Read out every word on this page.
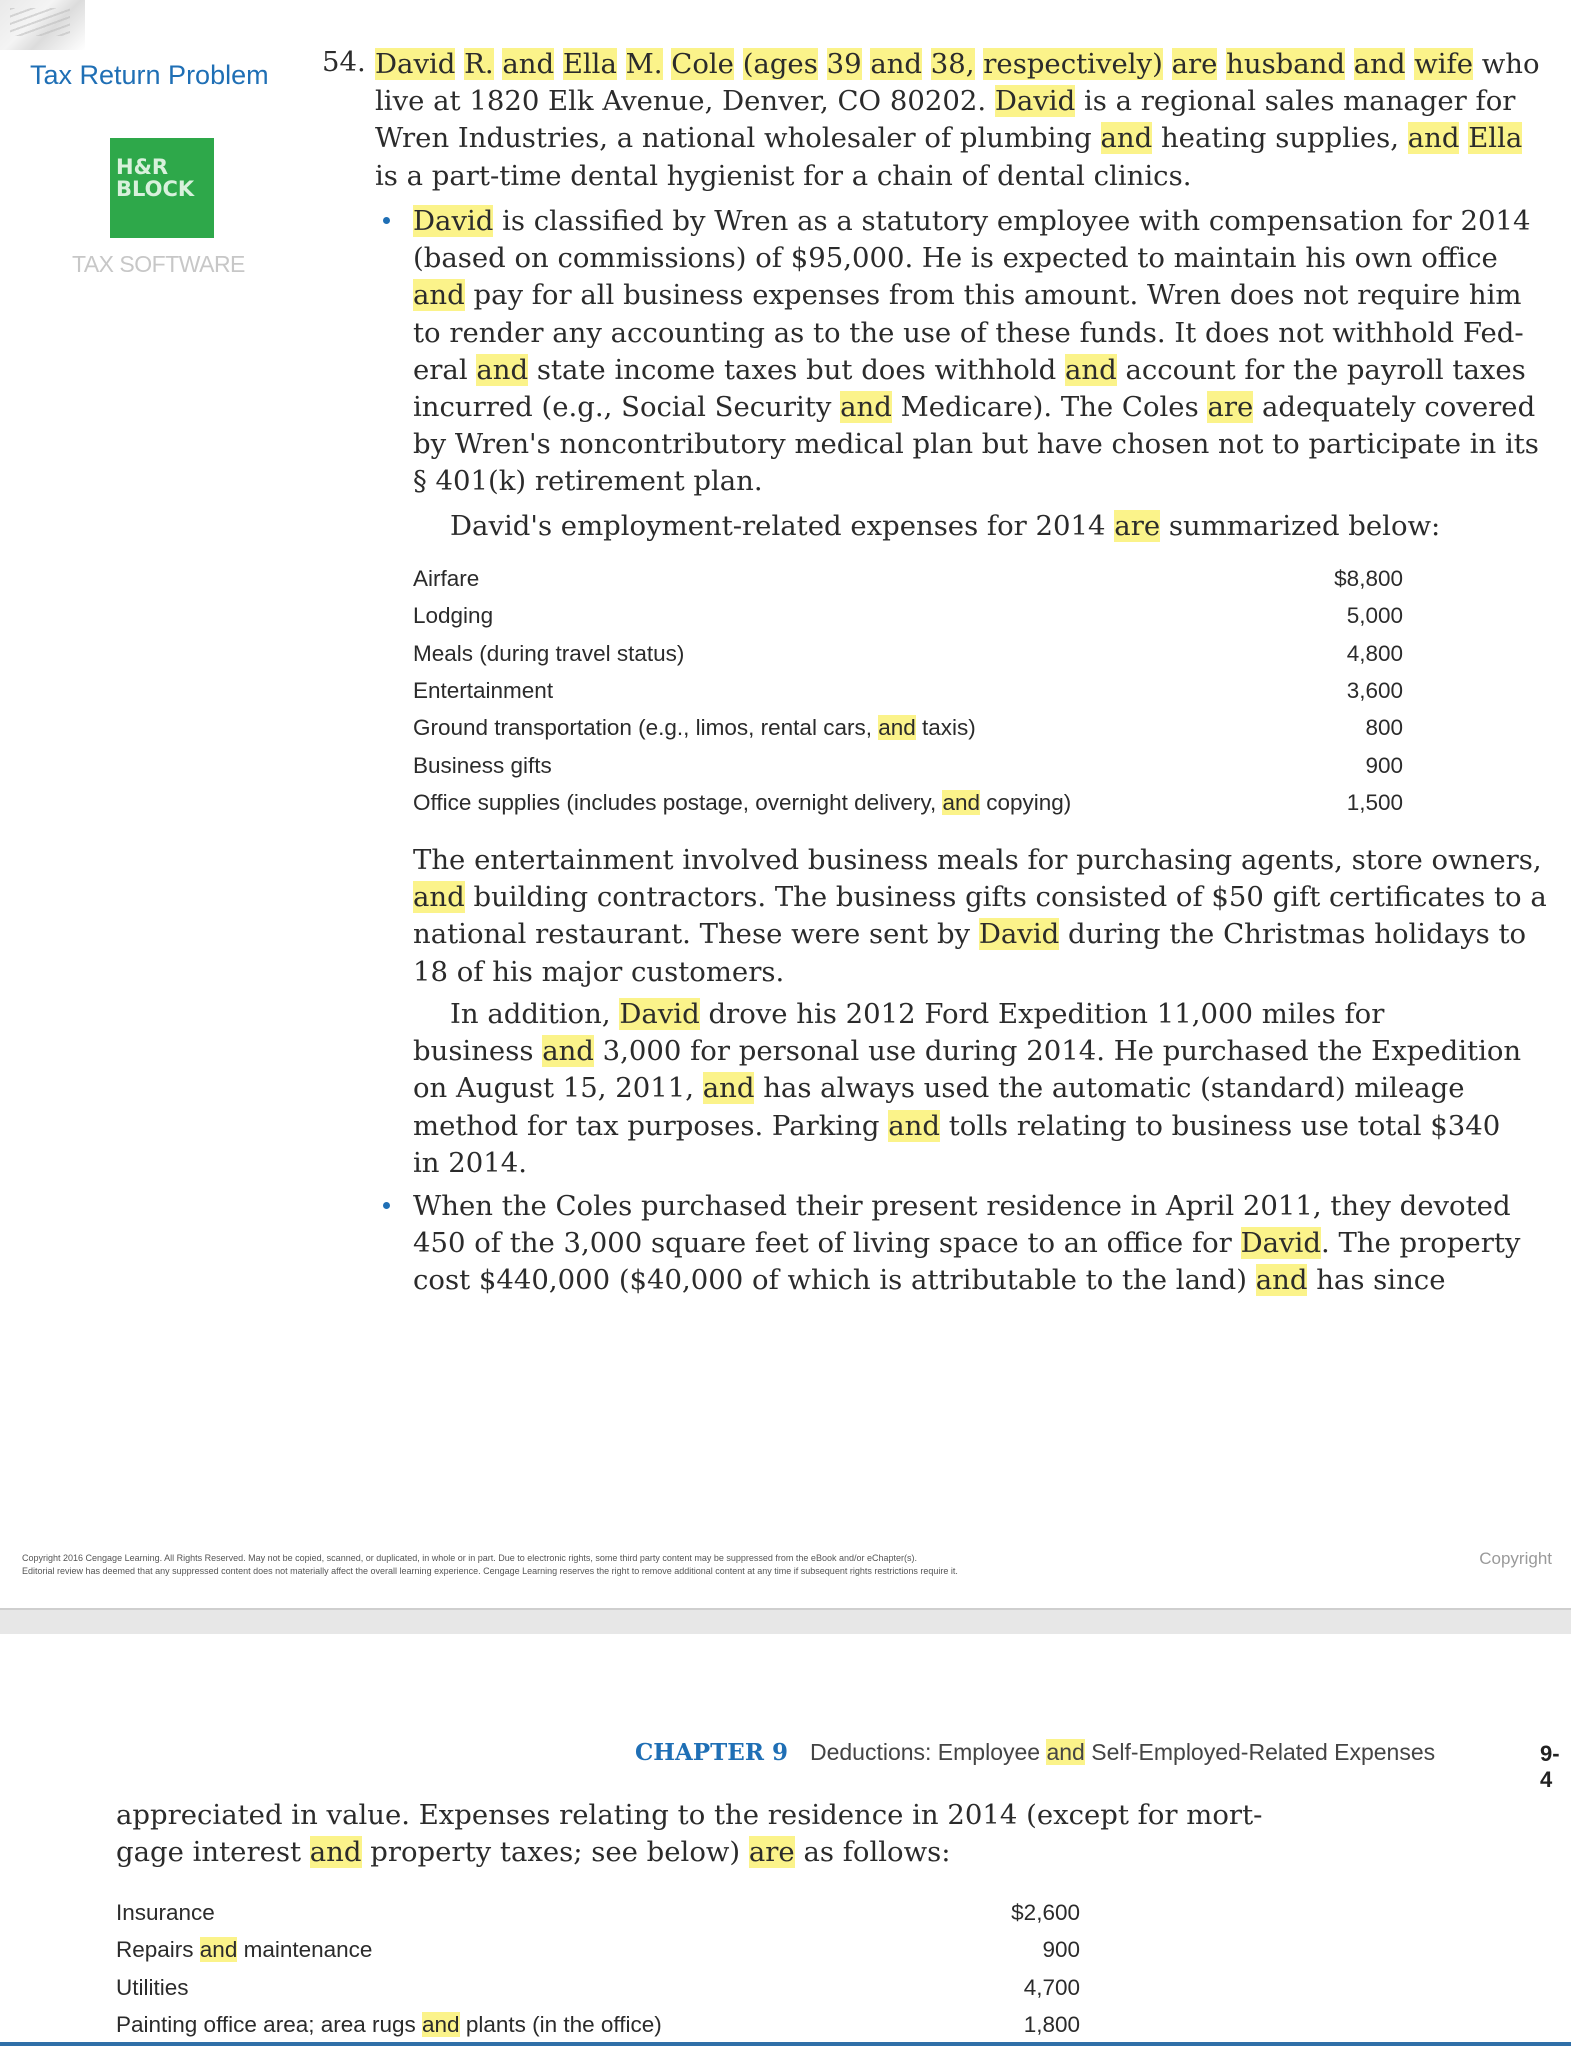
Tax Return Problem
H&R
BLOCK
TAX SOFTWARE
54. David R. and Ella M. Cole (ages 39 and 38, respectively) are husband and wife who
live at 1820 Elk Avenue, Denver, CO 80202. David is a regional sales manager for
Wren Industries, a national wholesaler of plumbing and heating supplies, and Ella
is a part-time dental hygienist for a chain of dental clinics.
David is classified by Wren as a statutory employee with compensation for 2014
(based on commissions) of $95,000. He is expected to maintain his own office
and pay for all business expenses from this amount. Wren does not require him
to render any accounting as to the use of these funds. It does not withhold Fed-
eral and state income taxes but does withhold and account for the payroll taxes
incurred (e.g., Social Security and Medicare). The Coles are adequately covered
by Wren's noncontributory medical plan but have chosen not to participate in its
§ 401(k) retirement plan.
David's employment-related expenses for 2014 are summarized below:
Airfare	$8,800
Lodging	5,000
Meals (during travel status)	4,800
Entertainment	3,600
Ground transportation (e.g., limos, rental cars, and taxis)	800
Business gifts	900
Office supplies (includes postage, overnight delivery, and copying)	1,500
The entertainment involved business meals for purchasing agents, store owners,
and building contractors. The business gifts consisted of $50 gift certificates to a
national restaurant. These were sent by David during the Christmas holidays to
18 of his major customers.
In addition, David drove his 2012 Ford Expedition 11,000 miles for
business and 3,000 for personal use during 2014. He purchased the Expedition
on August 15, 2011, and has always used the automatic (standard) mileage
method for tax purposes. Parking and tolls relating to business use total $340
in 2014.
When the Coles purchased their present residence in April 2011, they devoted
450 of the 3,000 square feet of living space to an office for David. The property
cost $440,000 ($40,000 of which is attributable to the land) and has since
Copyright 2016 Cengage Learning. All Rights Reserved. May not be copied, scanned, or duplicated, in whole or in part. Due to electronic rights, some third party content may be suppressed from the eBook and/or eChapter(s).
Editorial review has deemed that any suppressed content does not materially affect the overall learning experience. Cengage Learning reserves the right to remove additional content at any time if subsequent rights restrictions require it.
Copyright
CHAPTER 9 Deductions: Employee and Self-Employed-Related Expenses	9-4
appreciated in value. Expenses relating to the residence in 2014 (except for mort-
gage interest and property taxes; see below) are as follows:
Insurance	$2,600
Repairs and maintenance	900
Utilities	4,700
Painting office area; area rugs and plants (in the office)	1,800
